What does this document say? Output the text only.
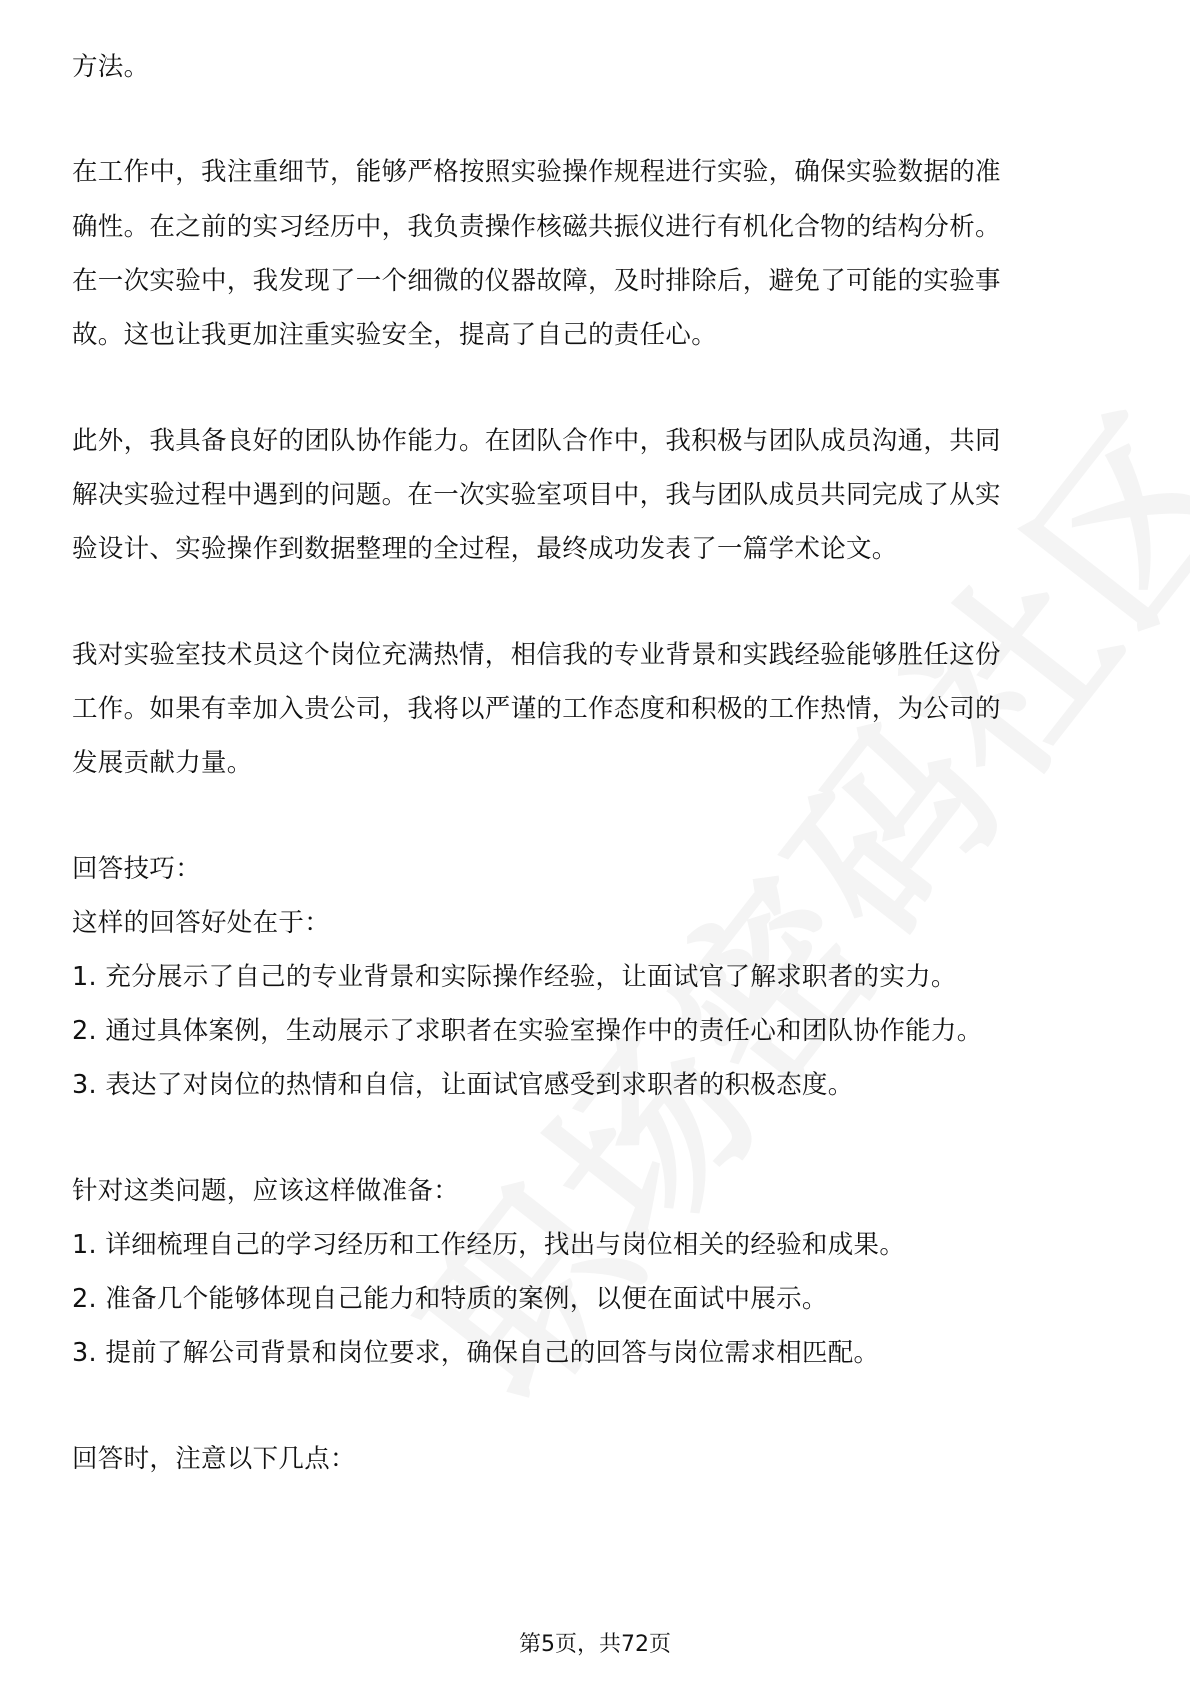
方法。
在工作中，我注重细节，能够严格按照实验操作规程进行实验，确保实验数据的准
确性。在之前的实习经历中，我负责操作核磁共振仪进行有机化合物的结构分析。
在一次实验中，我发现了一个细微的仪器故障，及时排除后，避免了可能的实验事
故。这也让我更加注重实验安全，提高了自己的责任心。
此外，我具备良好的团队协作能力。在团队合作中，我积极与团队成员沟通，共同
解决实验过程中遇到的问题。在一次实验室项目中，我与团队成员共同完成了从实
验设计、实验操作到数据整理的全过程，最终成功发表了一篇学术论文。
我对实验室技术员这个岗位充满热情，相信我的专业背景和实践经验能够胜任这份
工作。如果有幸加入贵公司，我将以严谨的工作态度和积极的工作热情，为公司的
发展贡献力量。
回答技巧：
这样的回答好处在于：
1. 充分展示了自己的专业背景和实际操作经验，让面试官了解求职者的实力。
2. 通过具体案例，生动展示了求职者在实验室操作中的责任心和团队协作能力。
3. 表达了对岗位的热情和自信，让面试官感受到求职者的积极态度。
针对这类问题，应该这样做准备：
1. 详细梳理自己的学习经历和工作经历，找出与岗位相关的经验和成果。
2. 准备几个能够体现自己能力和特质的案例，以便在面试中展示。
3. 提前了解公司背景和岗位要求，确保自己的回答与岗位需求相匹配。
回答时，注意以下几点：
第5页，共72页
